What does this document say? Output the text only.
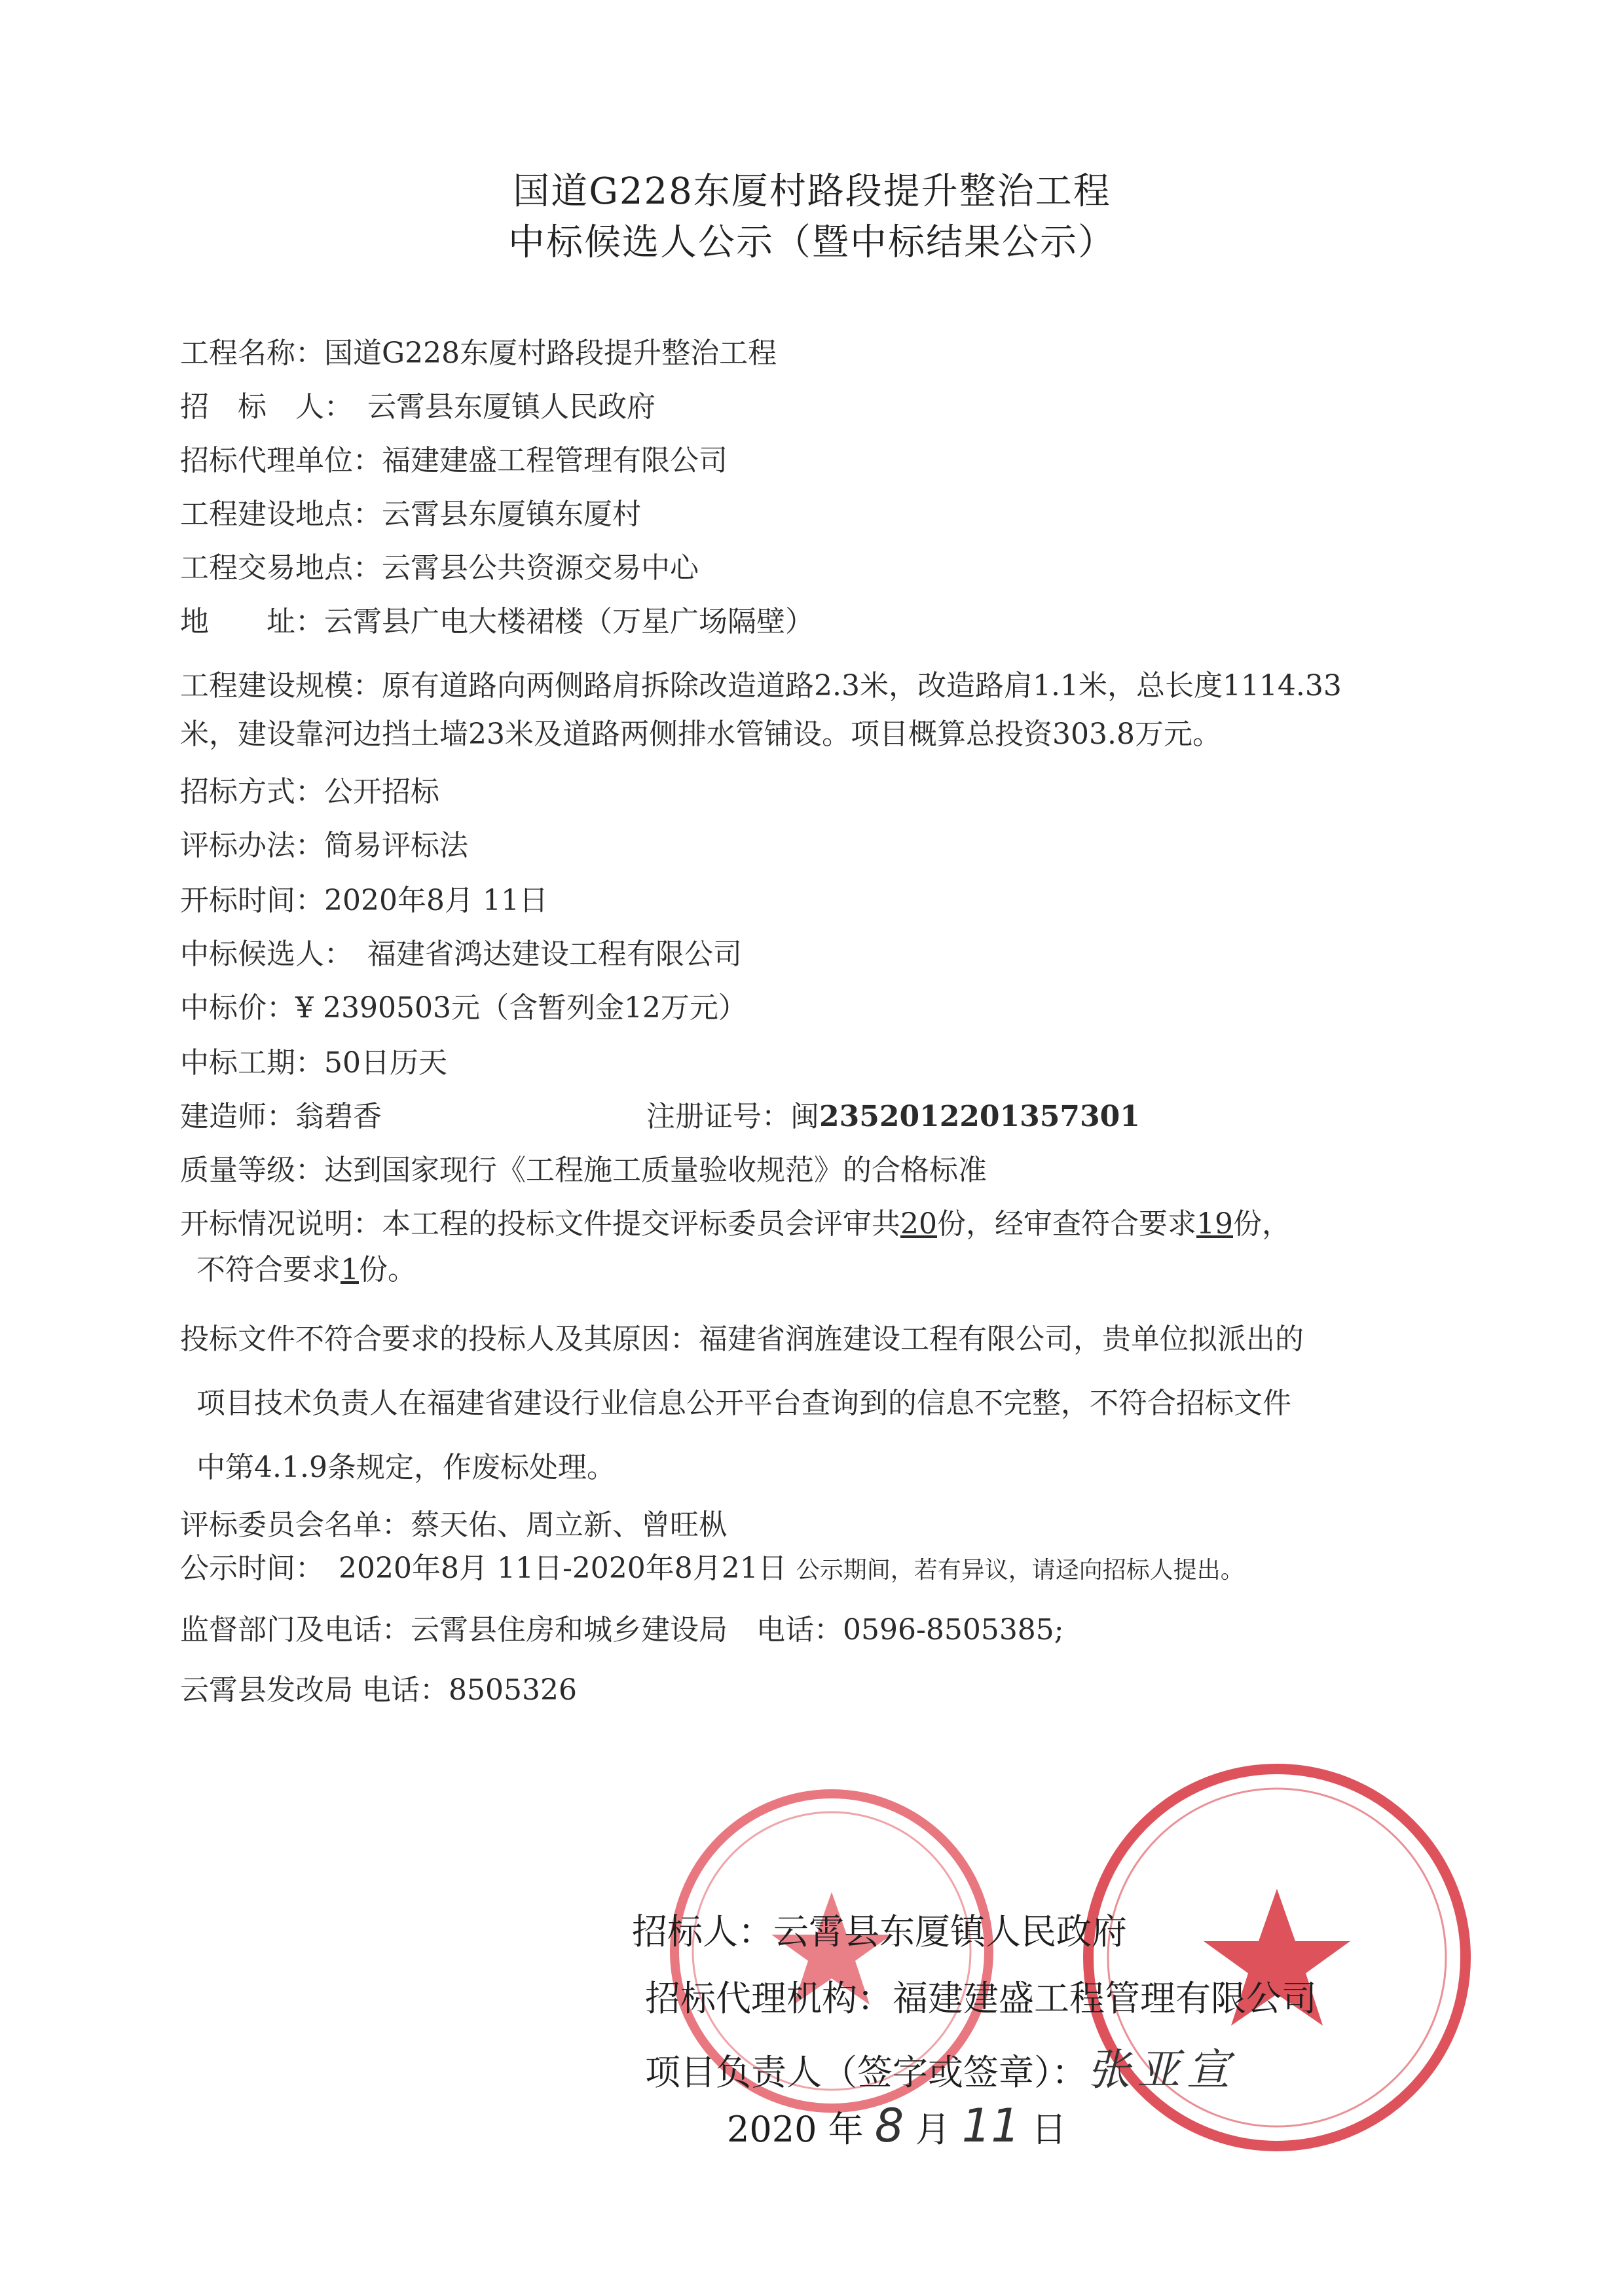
国道G228东厦村路段提升整治工程
中标候选人公示（暨中标结果公示）
工程名称：国道G228东厦村路段提升整治工程
招　标　人：　云霄县东厦镇人民政府
招标代理单位：福建建盛工程管理有限公司
工程建设地点：云霄县东厦镇东厦村
工程交易地点：云霄县公共资源交易中心
地　　址：云霄县广电大楼裙楼（万星广场隔壁）
工程建设规模：原有道路向两侧路肩拆除改造道路2.3米，改造路肩1.1米，总长度1114.33
米，建设靠河边挡土墙23米及道路两侧排水管铺设。项目概算总投资303.8万元。
招标方式：公开招标
评标办法：简易评标法
开标时间：2020年8月 11日
中标候选人：　福建省鸿达建设工程有限公司
中标价：¥ 2390503元（含暂列金12万元）
中标工期：50日历天
建造师：翁碧香	注册证号：闽235201220135730​1
质量等级：达到国家现行《工程施工质量验收规范》的合格标准
开标情况说明：本工程的投标文件提交评标委员会评审共20份，经审查符合要求19份，
不符合要求1份。
投标文件不符合要求的投标人及其原因：福建省润旌建设工程有限公司，贵单位拟派出的
项目技术负责人在福建省建设行业信息公开平台查询到的信息不完整，不符合招标文件
中第4.1.9条规定，作废标处理。
评标委员会名单：蔡天佑、周立新、曾旺枞
公示时间：　2020年8月 11日-2020年8月21日 公示期间，若有异议，请迳向招标人提出。
监督部门及电话：云霄县住房和城乡建设局　电话：0596-8505385;
云霄县发改局 电话：8505326
招标人：云霄县东厦镇人民政府
招标代理机构：福建建盛工程管理有限公司
项目负责人（签字或签章）：张亚宣
2020 年 8 月 11 日
